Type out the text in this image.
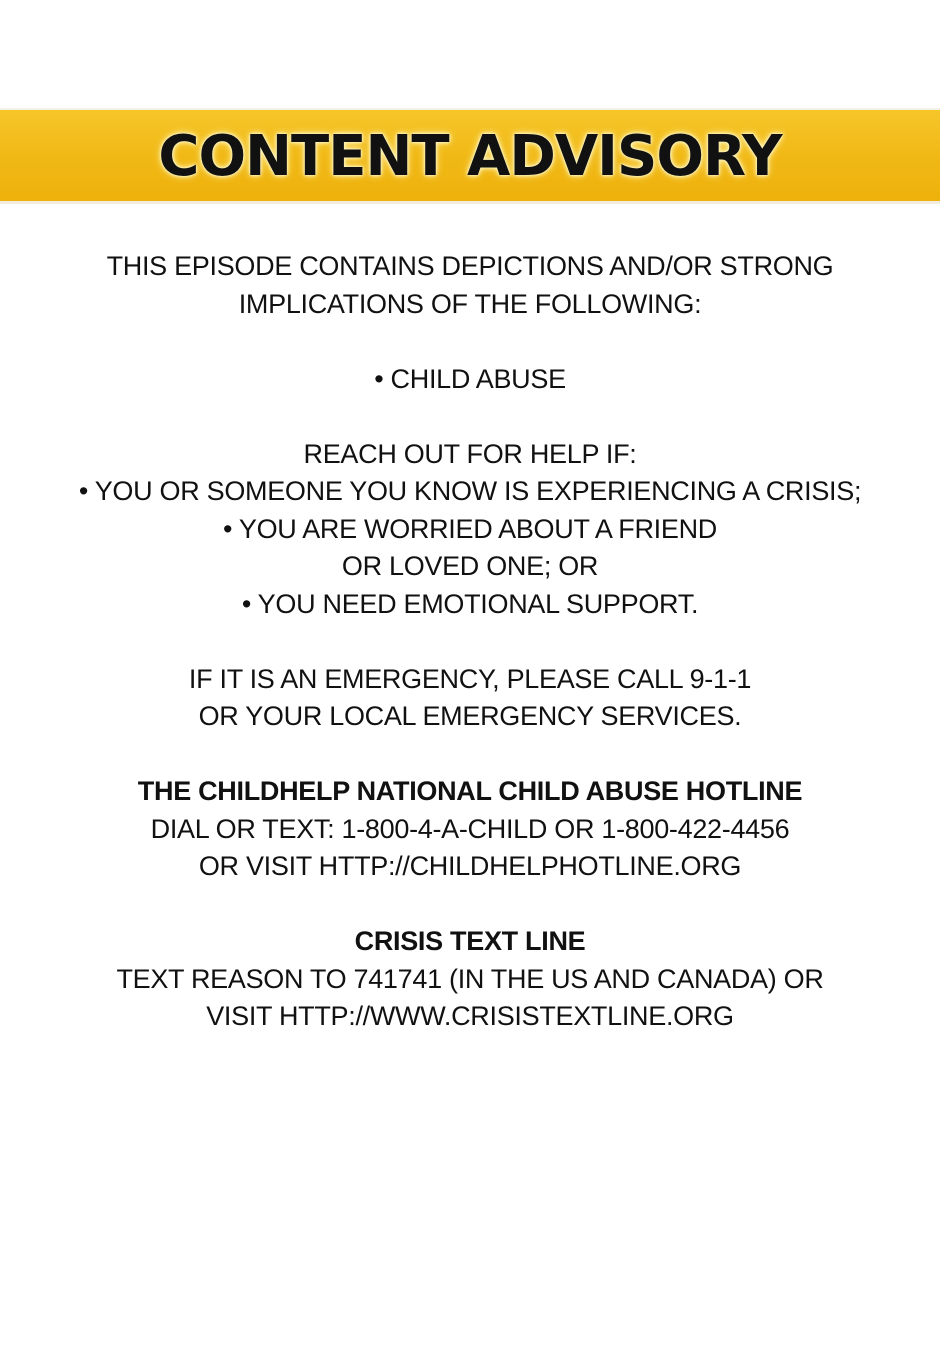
CONTENT ADVISORY
THIS EPISODE CONTAINS DEPICTIONS AND/OR STRONG
IMPLICATIONS OF THE FOLLOWING:
• CHILD ABUSE
REACH OUT FOR HELP IF:
• YOU OR SOMEONE YOU KNOW IS EXPERIENCING A CRISIS;
• YOU ARE WORRIED ABOUT A FRIEND
OR LOVED ONE; OR
• YOU NEED EMOTIONAL SUPPORT.
IF IT IS AN EMERGENCY, PLEASE CALL 9-1-1
OR YOUR LOCAL EMERGENCY SERVICES.
THE CHILDHELP NATIONAL CHILD ABUSE HOTLINE
DIAL OR TEXT: 1-800-4-A-CHILD OR 1-800-422-4456
OR VISIT HTTP://CHILDHELPHOTLINE.ORG
CRISIS TEXT LINE
TEXT REASON TO 741741 (IN THE US AND CANADA) OR
VISIT HTTP://WWW.CRISISTEXTLINE.ORG
